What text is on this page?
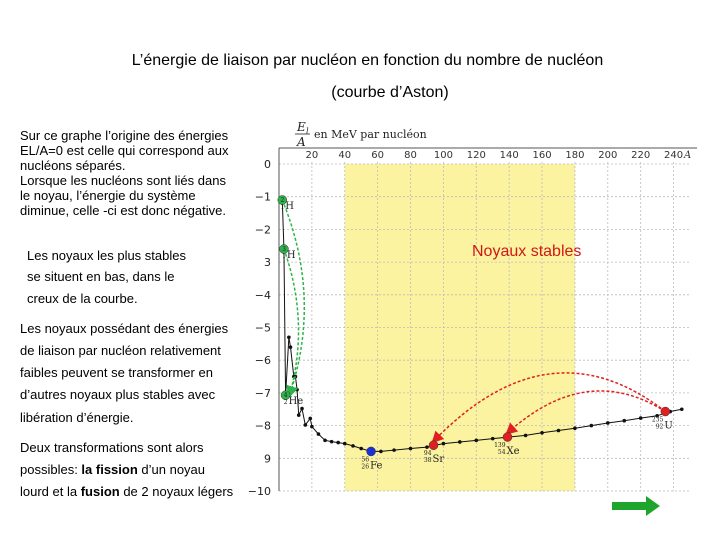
L’énergie de liaison par nucléon en fonction du nombre de nucléon
(courbe d’Aston)
Sur ce graphe l’origine des énergies
EL/A=0 est celle qui correspond aux
nucléons séparés.
Lorsque les nucléons sont liés dans
le noyau, l’énergie du système
diminue, celle -ci est donc négative.
Les noyaux les plus stables
se situent en bas, dans le
creux de la courbe.
Les noyaux possédant des énergies
de liaison par nucléon relativement
faibles peuvent se transformer en
d’autres noyaux plus stables avec
libération d’énergie.
Deux transformations sont alors
possibles: la fission d’un noyau
lourd et la fusion de 2 noyaux légers
20 40 60 80 100 120 140 160 180 200 220 240 A
0
−1
−2
3
−4
−5
−6
−7
−8
9
−10
E l
A
en MeV par nucléon
Noyaux stables
2
1 H
3
1 H
4
2 He
56
26 Fe
94
38 Sr
139
54 Xe
235
92 U
